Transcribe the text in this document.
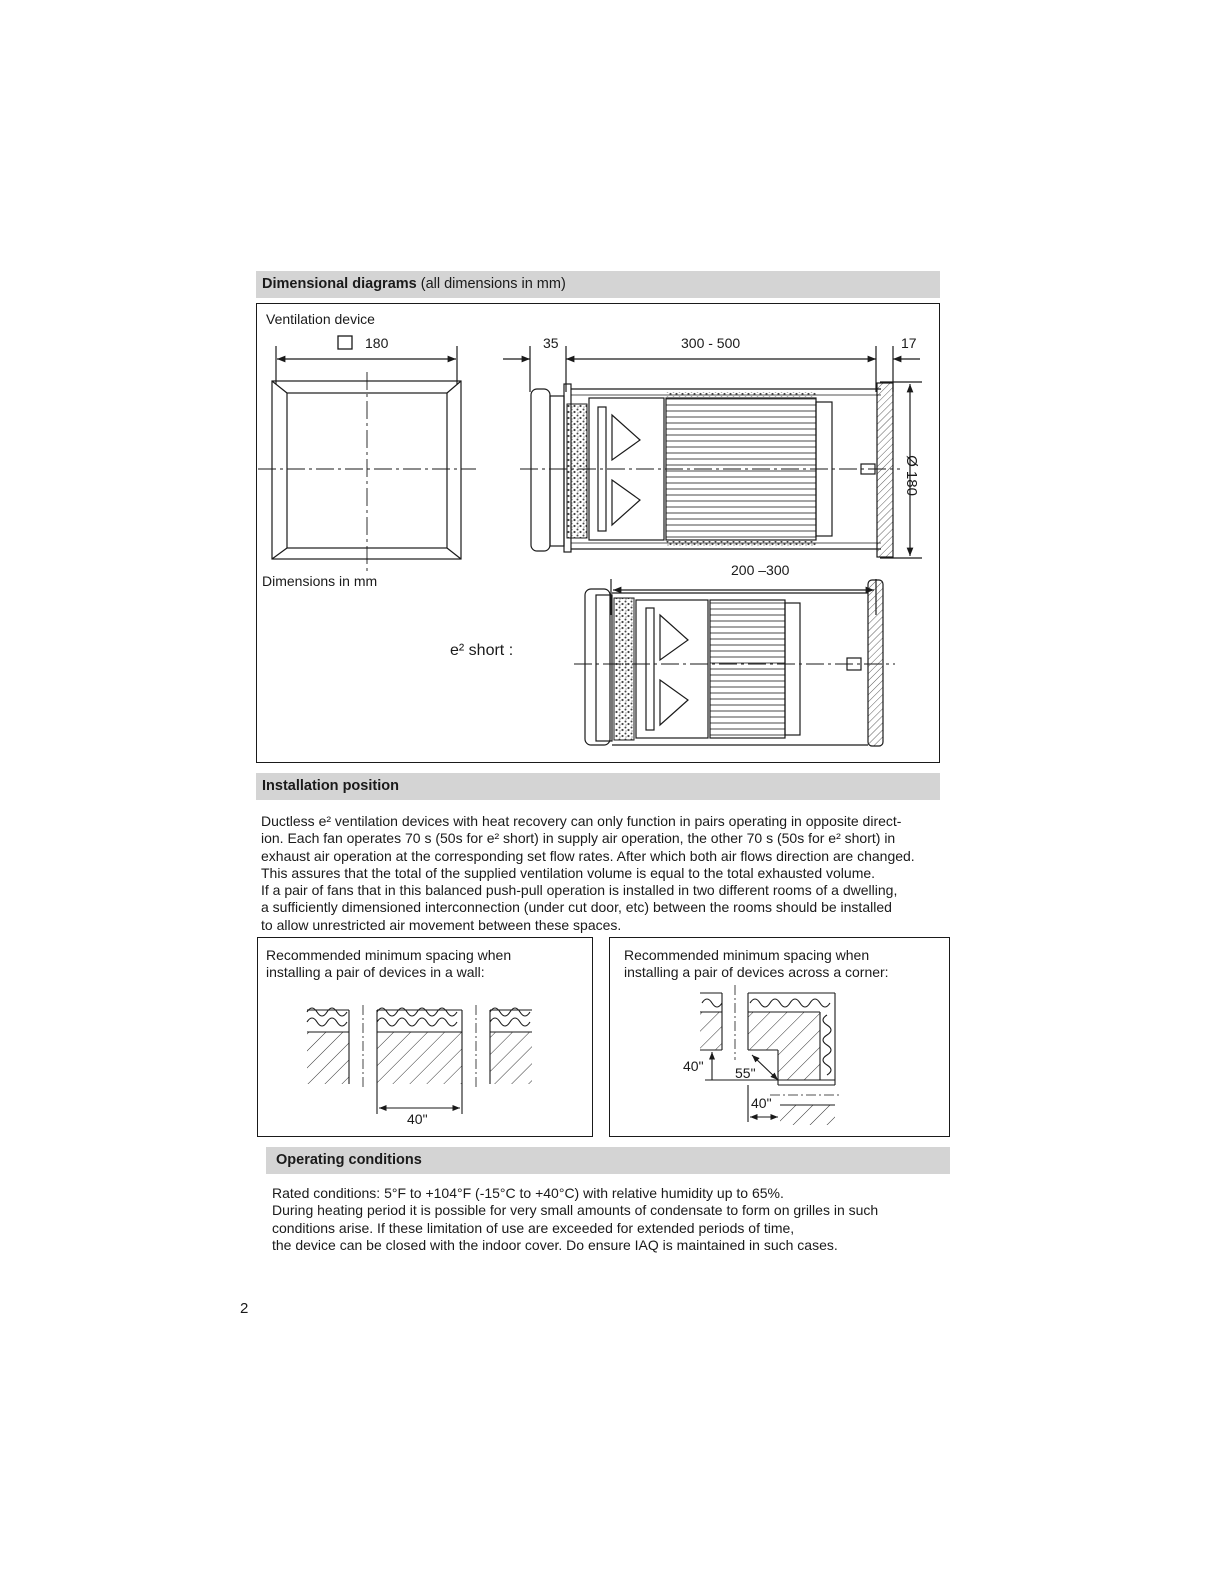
Dimensional diagrams (all dimensions in mm)
Ventilation device
180	35	300 - 500	17
Ø 180
200 –300
Dimensions in mm
e² short :
Installation position
Ductless e² ventilation devices with heat recovery can only function in pairs operating in opposite direct-
ion. Each fan operates 70 s (50s for e² short) in supply air operation, the other 70 s (50s for e² short) in
exhaust air operation at the corresponding set flow rates. After which both air flows direction are changed.
This assures that the total of the supplied ventilation volume is equal to the total exhausted volume.
If a pair of fans that in this balanced push-pull operation is installed in two different rooms of a dwelling,
a sufficiently dimensioned interconnection (under cut door, etc) between the rooms should be installed
to allow unrestricted air movement between these spaces.
Recommended minimum spacing when
installing a pair of devices in a wall:
40"
Recommended minimum spacing when
installing a pair of devices across a corner:
40" 55"
40"
Operating conditions
Rated conditions: 5°F to +104°F (-15°C to +40°C) with relative humidity up to 65%.
During heating period it is possible for very small amounts of condensate to form on grilles in such
conditions arise. If these limitation of use are exceeded for extended periods of time,
the device can be closed with the indoor cover. Do ensure IAQ is maintained in such cases.
2
